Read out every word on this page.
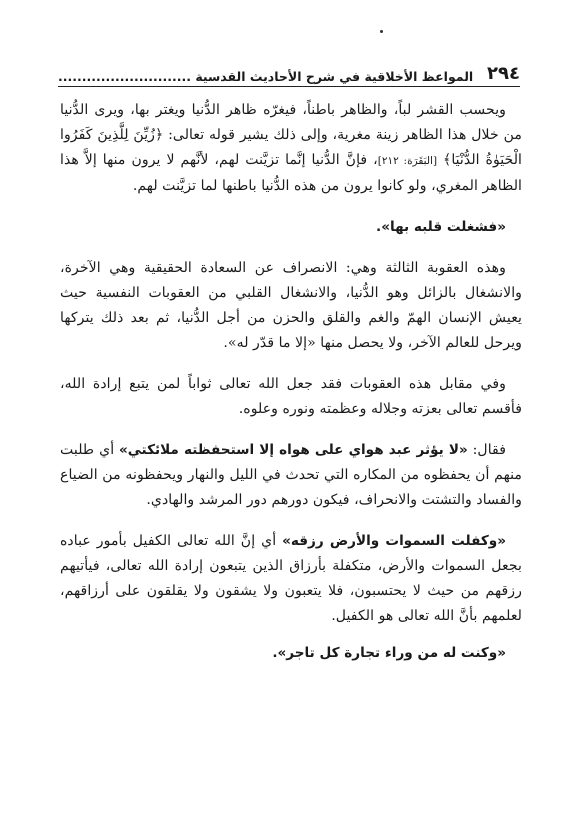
٢٩٤
المواعظ الأخلاقية في شرح الأحاديث القدسية ............................

ويحسب القشر لباً، والظاهر باطناً، فيغرّه ظاهر الدُّنيا ويغتر بها، ويرى الدُّنيا من خلال هذا الظاهر زينة مغرية، وإلى ذلك يشير قوله تعالى: ﴿زُيِّنَ لِلَّذِينَ كَفَرُوا الْحَيَوٰةُ الدُّنْيَا﴾ [البَقَرَة: ٢١٢]، فإنَّ الدُّنيا إنَّما تزيَّنت لهم، لأنَّهم لا يرون منها إلاَّ هذا الظاهر المغري، ولو كانوا يرون من هذه الدُّنيا باطنها لما تزيَّنت لهم.

«فشغلت قلبه بها».

وهذه العقوبة الثالثة وهي: الانصراف عن السعادة الحقيقية وهي الآخرة، والانشغال بالزائل وهو الدُّنيا، والانشغال القلبي من العقوبات النفسية حيث يعيش الإنسان الهمّ والغم والقلق والحزن من أجل الدُّنيا، ثم بعد ذلك يتركها ويرحل للعالم الآخر، ولا يحصل منها «إلا ما قدّر له».

وفي مقابل هذه العقوبات فقد جعل الله تعالى ثواباً لمن يتبع إرادة الله، فأقسم تعالى بعزته وجلاله وعظمته ونوره وعلوه.

فقال: «لا يؤثر عبد هواي على هواه إلا استحفظته ملائكتي» أي طلبت منهم أن يحفظوه من المكاره التي تحدث في الليل والنهار ويحفظونه من الضياع والفساد والتشتت والانحراف، فيكون دورهم دور المرشد والهادي.

«وكفلت السموات والأرض رزقه» أي إنَّ الله تعالى الكفيل بأمور عباده بجعل السموات والأرض، متكفلة بأرزاق الذين يتبعون إرادة الله تعالى، فيأتيهم رزقهم من حيث لا يحتسبون، فلا يتعبون ولا يشقون ولا يقلقون على أرزاقهم، لعلمهم بأنَّ الله تعالى هو الكفيل.

«وكنت له من وراء تجارة كل تاجر».
